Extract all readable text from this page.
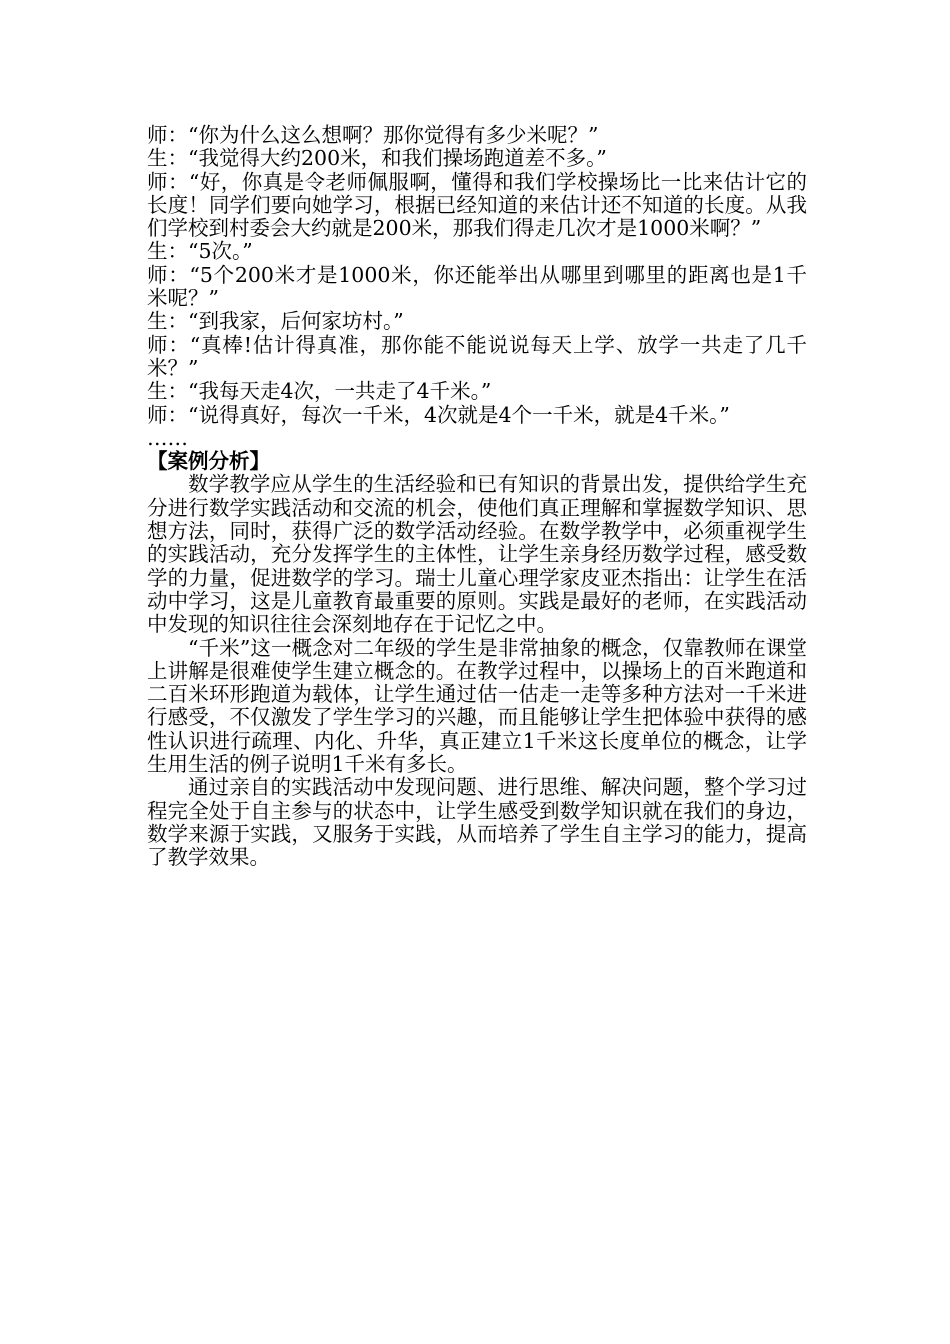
师：“你为什么这么想啊？那你觉得有多少米呢？”

生：“我觉得大约200米，和我们操场跑道差不多。”

师：“好，你真是令老师佩服啊，懂得和我们学校操场比一比来估计它的长度！同学们要向她学习，根据已经知道的来估计还不知道的长度。从我们学校到村委会大约就是200米，那我们得走几次才是1000米啊？”

生：“5次。”

师：“5个200米才是1000米，你还能举出从哪里到哪里的距离也是1千米呢？”

生：“到我家，后何家坊村。”

师：“真棒!估计得真准，那你能不能说说每天上学、放学一共走了几千米？”

生：“我每天走4次，一共走了4千米。”

师：“说得真好，每次一千米，4次就是4个一千米，就是4千米。”

……

【案例分析】

数学教学应从学生的生活经验和已有知识的背景出发，提供给学生充分进行数学实践活动和交流的机会，使他们真正理解和掌握数学知识、思想方法，同时，获得广泛的数学活动经验。在数学教学中，必须重视学生的实践活动，充分发挥学生的主体性，让学生亲身经历数学过程，感受数学的力量，促进数学的学习。瑞士儿童心理学家皮亚杰指出：让学生在活动中学习，这是儿童教育最重要的原则。实践是最好的老师，在实践活动中发现的知识往往会深刻地存在于记忆之中。

“千米”这一概念对二年级的学生是非常抽象的概念，仅靠教师在课堂上讲解是很难使学生建立概念的。在教学过程中，以操场上的百米跑道和二百米环形跑道为载体，让学生通过估一估走一走等多种方法对一千米进行感受，不仅激发了学生学习的兴趣，而且能够让学生把体验中获得的感性认识进行疏理、内化、升华，真正建立1千米这长度单位的概念，让学生用生活的例子说明1千米有多长。

通过亲自的实践活动中发现问题、进行思维、解决问题，整个学习过程完全处于自主参与的状态中，让学生感受到数学知识就在我们的身边，数学来源于实践，又服务于实践，从而培养了学生自主学习的能力，提高了教学效果。
